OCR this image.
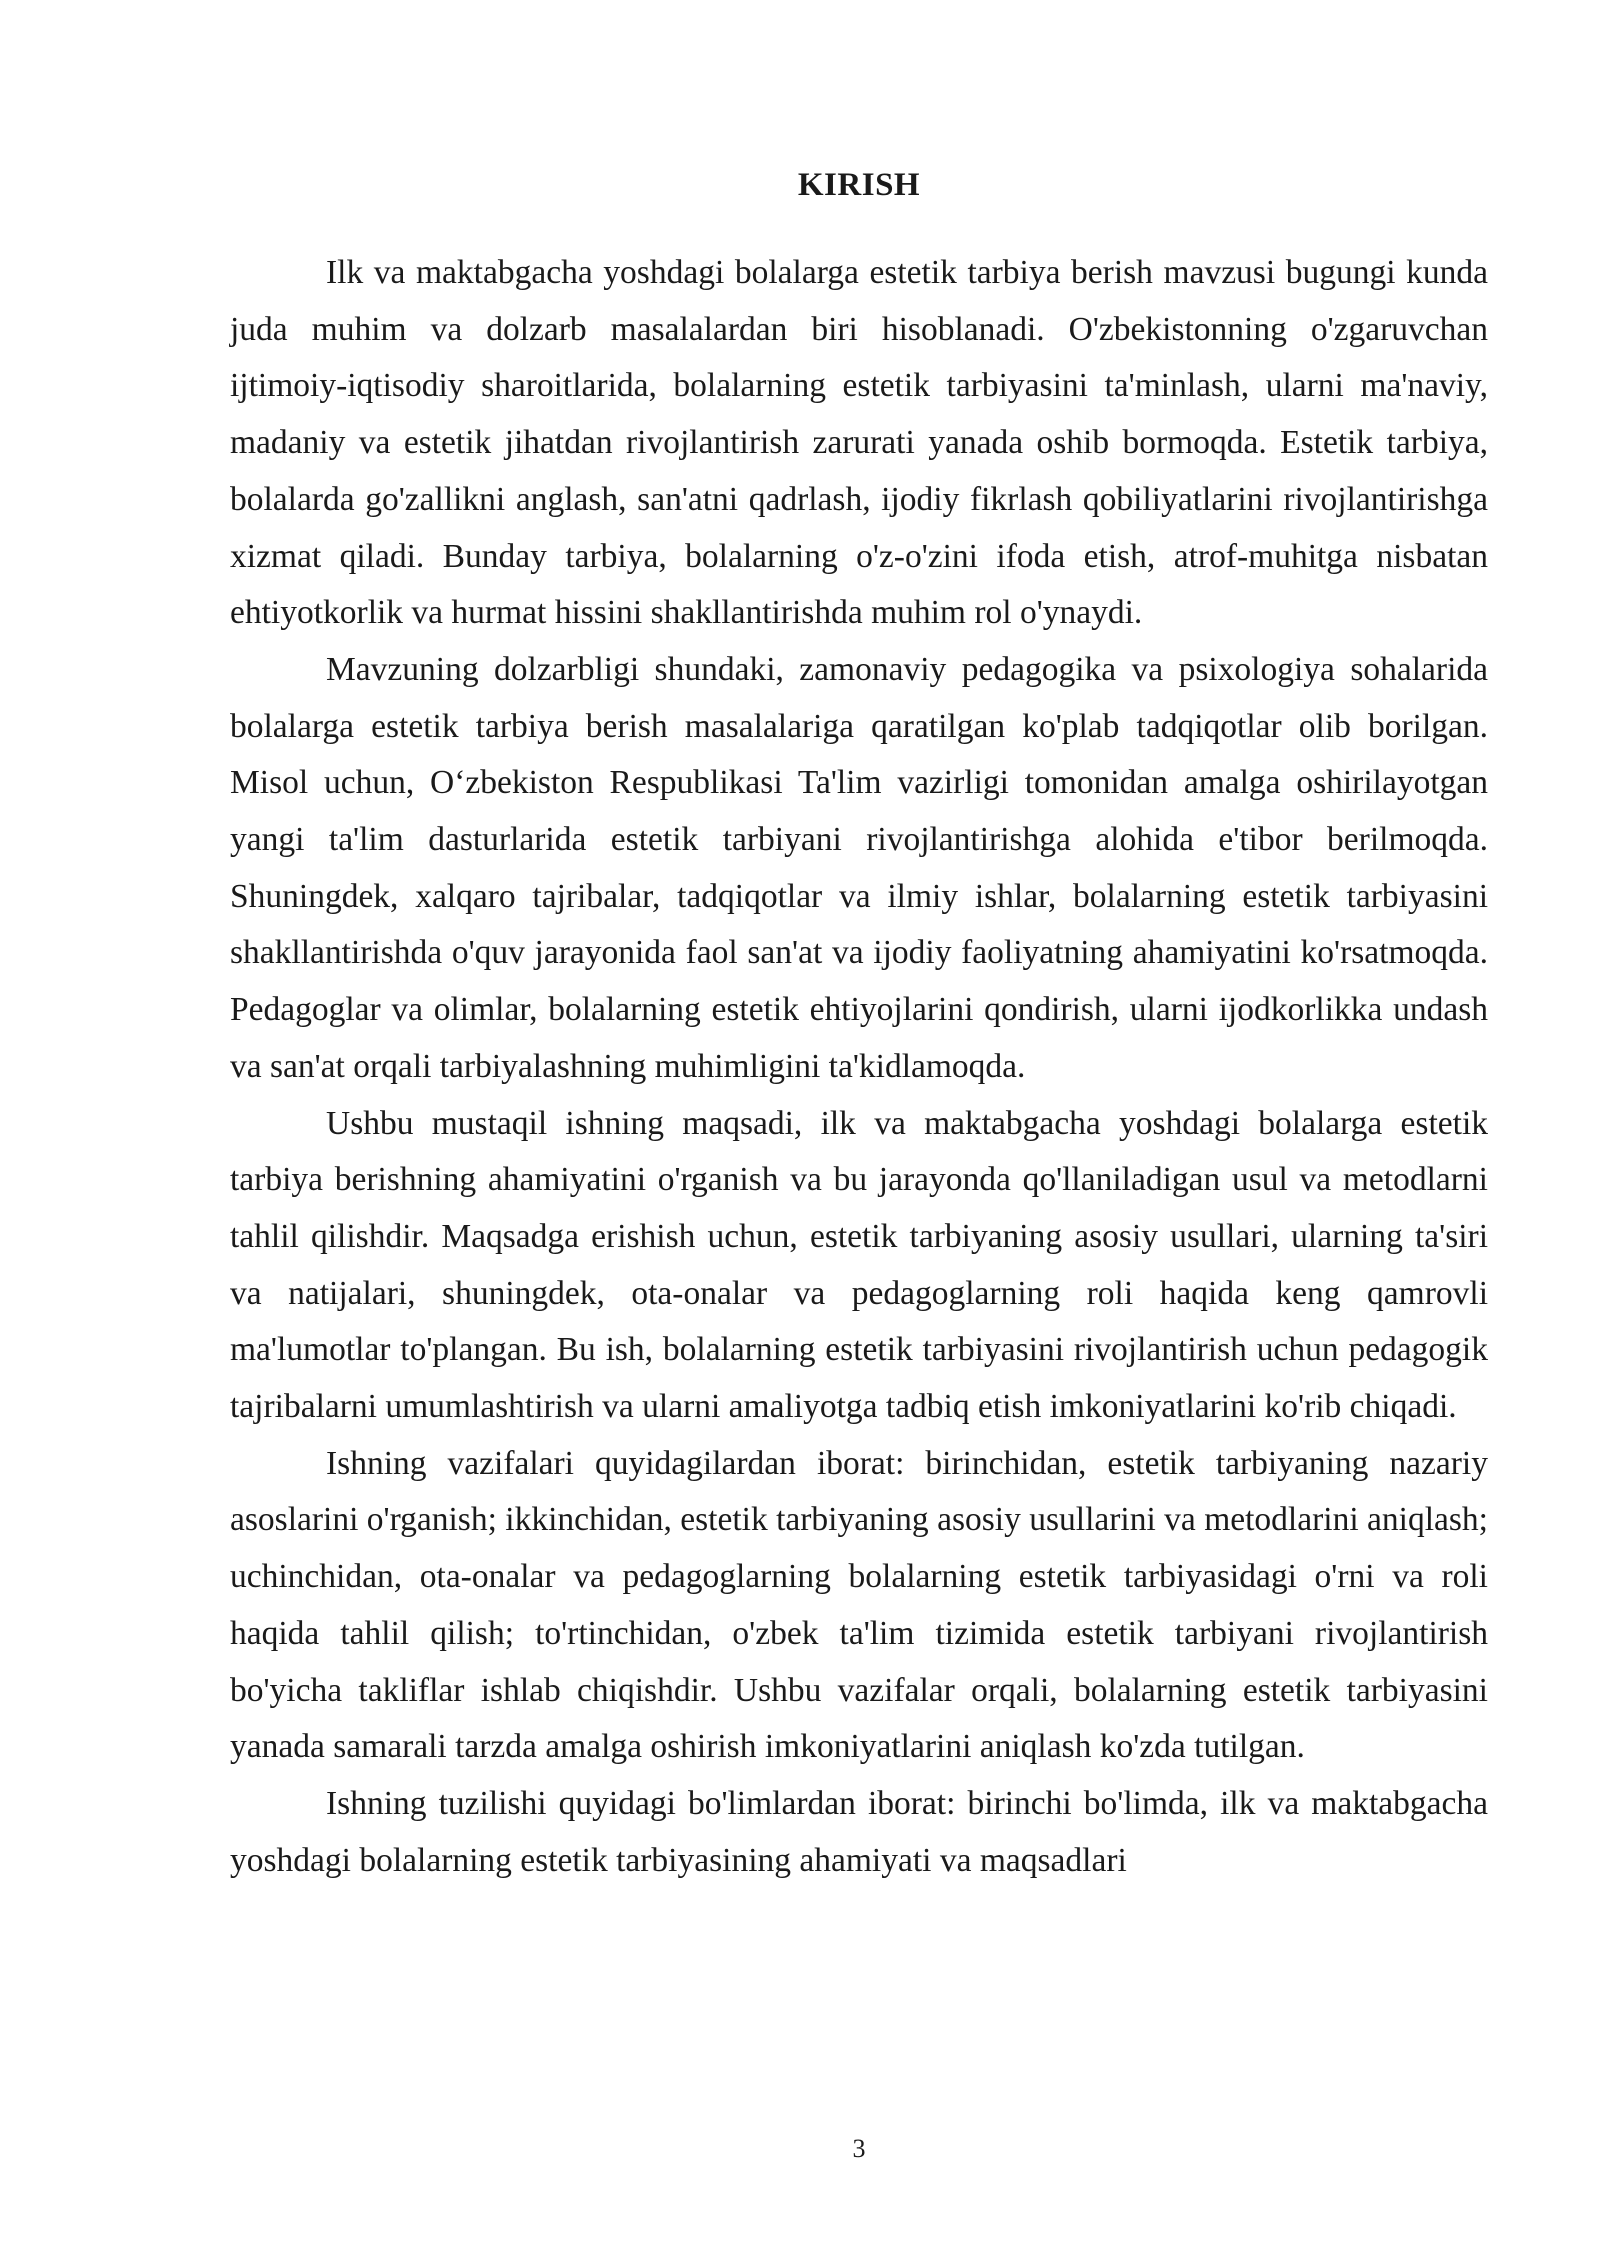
KIRISH

Ilk va maktabgacha yoshdagi bolalarga estetik tarbiya berish mavzusi bugungi kunda juda muhim va dolzarb masalalardan biri hisoblanadi. O'zbekistonning o'zgaruvchan ijtimoiy-iqtisodiy sharoitlarida, bolalarning estetik tarbiyasini ta'minlash, ularni ma'naviy, madaniy va estetik jihatdan rivojlantirish zarurati yanada oshib bormoqda. Estetik tarbiya, bolalarda go'zallikni anglash, san'atni qadrlash, ijodiy fikrlash qobiliyatlarini rivojlantirishga xizmat qiladi. Bunday tarbiya, bolalarning o'z-o'zini ifoda etish, atrof-muhitga nisbatan ehtiyotkorlik va hurmat hissini shakllantirishda muhim rol o'ynaydi.

Mavzuning dolzarbligi shundaki, zamonaviy pedagogika va psixologiya sohalarida bolalarga estetik tarbiya berish masalalariga qaratilgan ko'plab tadqiqotlar olib borilgan. Misol uchun, O‘zbekiston Respublikasi Ta'lim vazirligi tomonidan amalga oshirilayotgan yangi ta'lim dasturlarida estetik tarbiyani rivojlantirishga alohida e'tibor berilmoqda. Shuningdek, xalqaro tajribalar, tadqiqotlar va ilmiy ishlar, bolalarning estetik tarbiyasini shakllantirishda o'quv jarayonida faol san'at va ijodiy faoliyatning ahamiyatini ko'rsatmoqda. Pedagoglar va olimlar, bolalarning estetik ehtiyojlarini qondirish, ularni ijodkorlikka undash va san'at orqali tarbiyalashning muhimligini ta'kidlamoqda.

Ushbu mustaqil ishning maqsadi, ilk va maktabgacha yoshdagi bolalarga estetik tarbiya berishning ahamiyatini o'rganish va bu jarayonda qo'llaniladigan usul va metodlarni tahlil qilishdir. Maqsadga erishish uchun, estetik tarbiyaning asosiy usullari, ularning ta'siri va natijalari, shuningdek, ota-onalar va pedagoglarning roli haqida keng qamrovli ma'lumotlar to'plangan. Bu ish, bolalarning estetik tarbiyasini rivojlantirish uchun pedagogik tajribalarni umumlashtirish va ularni amaliyotga tadbiq etish imkoniyatlarini ko'rib chiqadi.

Ishning vazifalari quyidagilardan iborat: birinchidan, estetik tarbiyaning nazariy asoslarini o'rganish; ikkinchidan, estetik tarbiyaning asosiy usullarini va metodlarini aniqlash; uchinchidan, ota-onalar va pedagoglarning bolalarning estetik tarbiyasidagi o'rni va roli haqida tahlil qilish; to'rtinchidan, o'zbek ta'lim tizimida estetik tarbiyani rivojlantirish bo'yicha takliflar ishlab chiqishdir. Ushbu vazifalar orqali, bolalarning estetik tarbiyasini yanada samarali tarzda amalga oshirish imkoniyatlarini aniqlash ko'zda tutilgan.

Ishning tuzilishi quyidagi bo'limlardan iborat: birinchi bo'limda, ilk va maktabgacha yoshdagi bolalarning estetik tarbiyasining ahamiyati va maqsadlari

3
